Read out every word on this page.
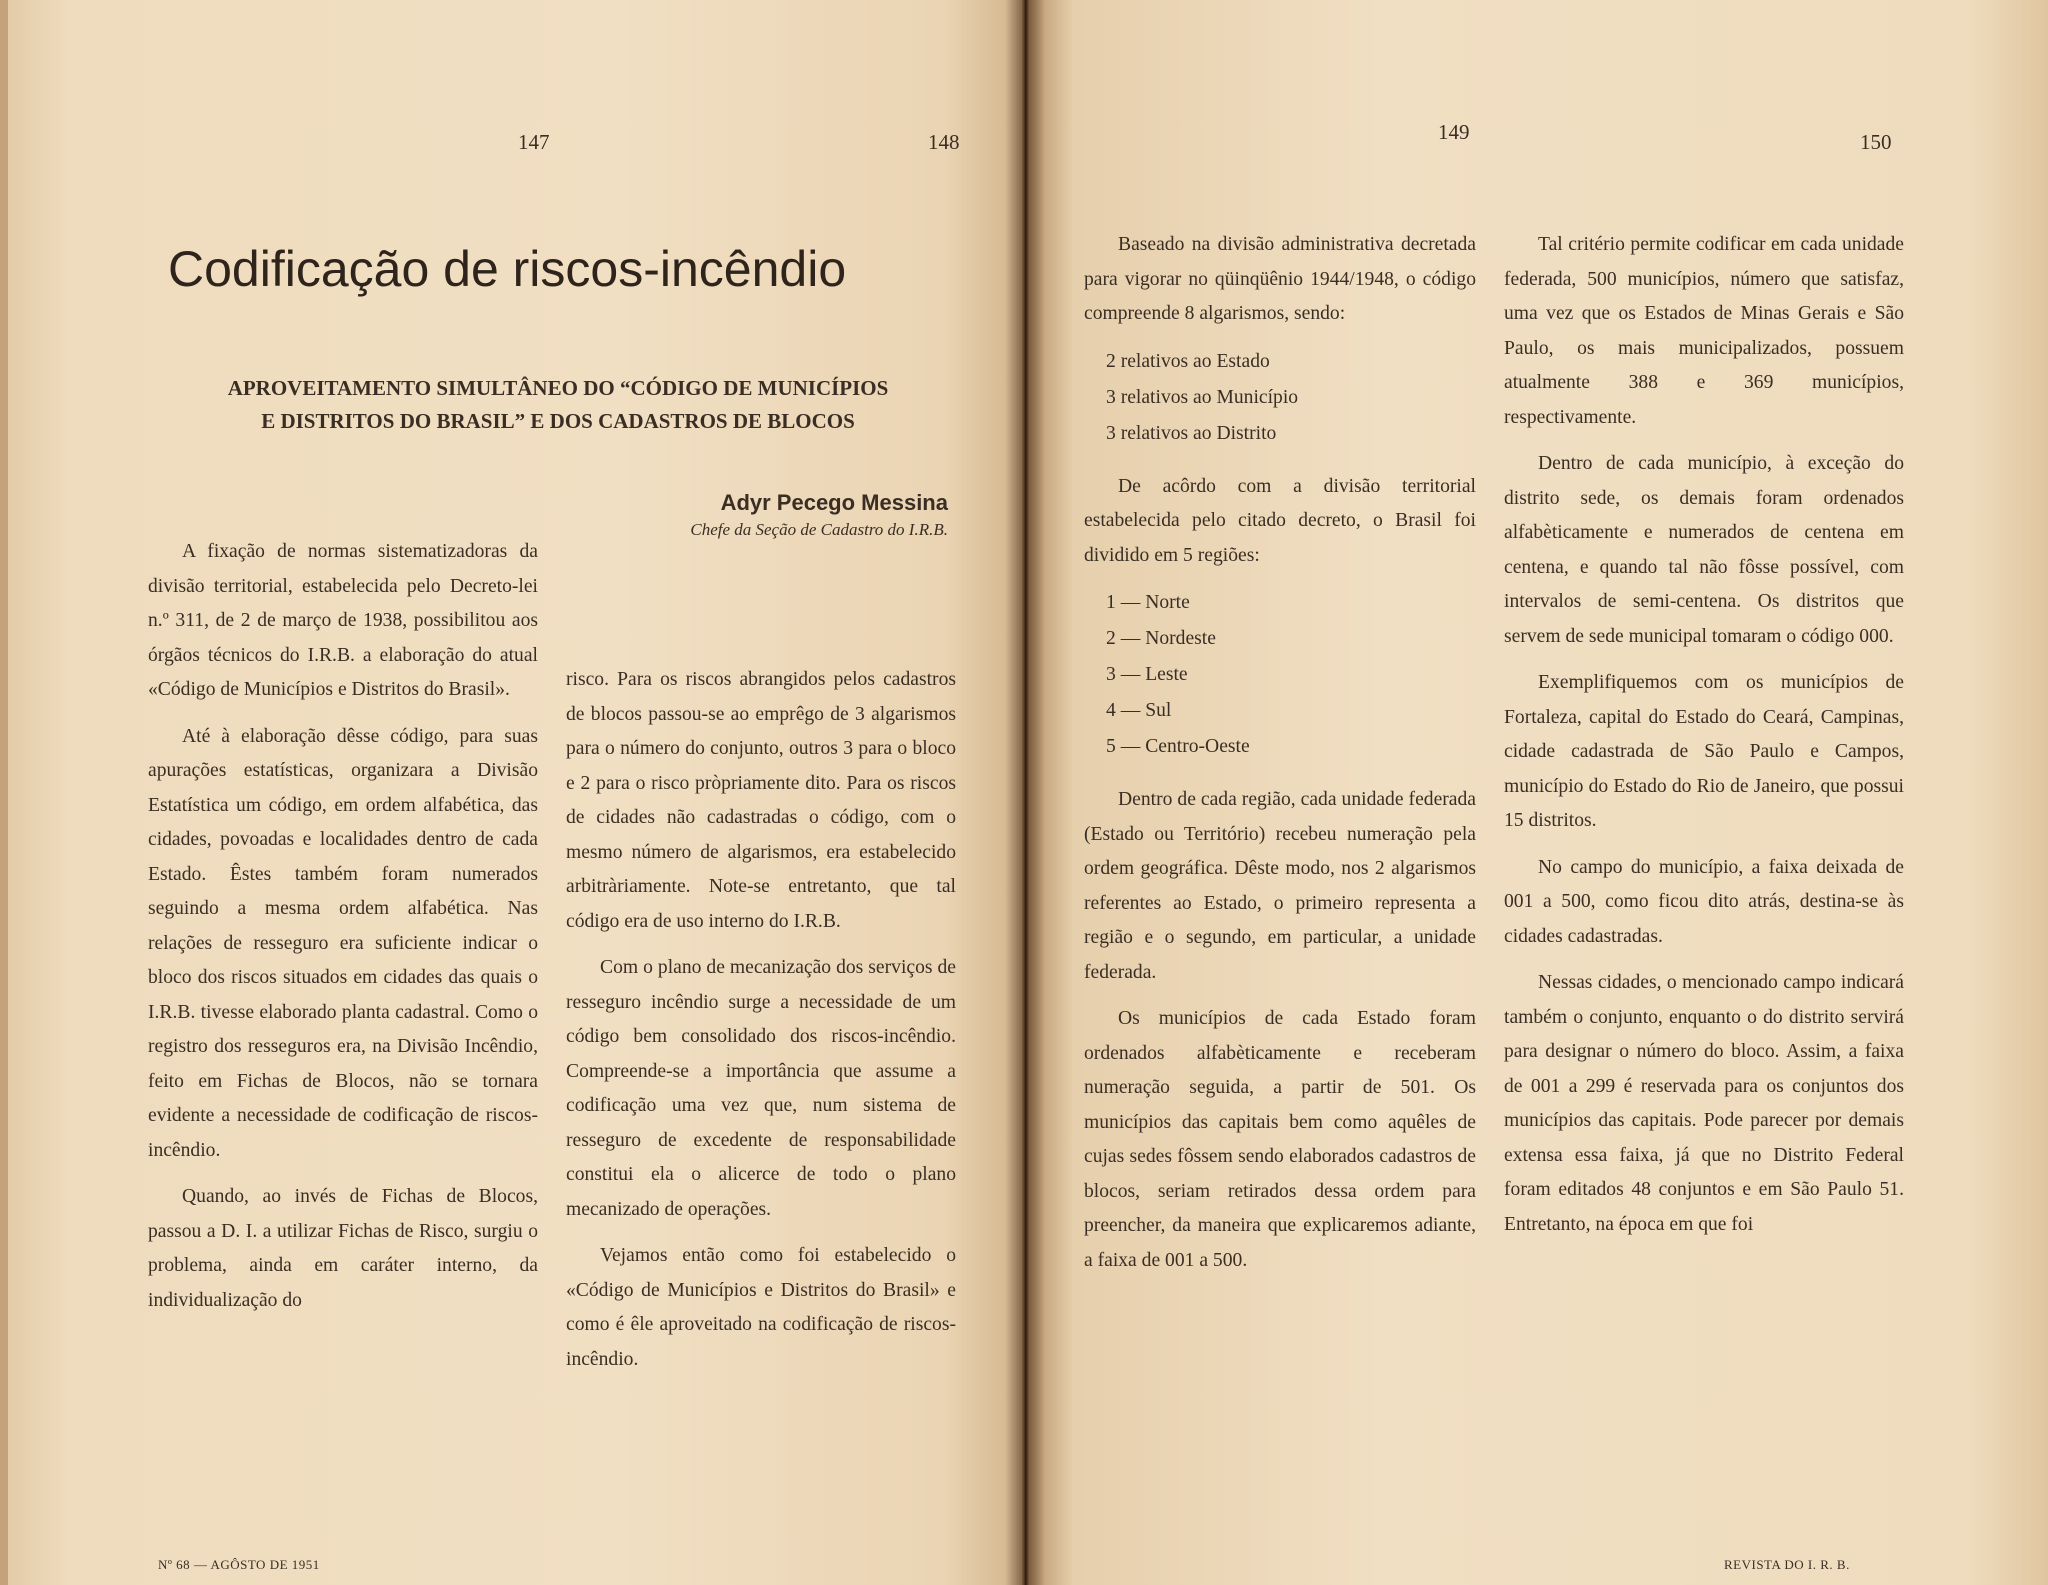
147	148
Codificação de riscos-incêndio
APROVEITAMENTO SIMULTÂNEO DO “CÓDIGO DE MUNICÍPIOS
E DISTRITOS DO BRASIL” E DOS CADASTROS DE BLOCOS
Adyr Pecego Messina
Chefe da Seção de Cadastro do I.R.B.

A fixação de normas sistematizadoras da divisão territorial, estabelecida pelo Decreto-lei n.º 311, de 2 de março de 1938, possibilitou aos órgãos técnicos do I.R.B. a elaboração do atual «Código de Municípios e Distritos do Brasil».

Até à elaboração dêsse código, para suas apurações estatísticas, organizara a Divisão Estatística um código, em ordem alfabética, das cidades, povoadas e localidades dentro de cada Estado. Êstes também foram numerados seguindo a mesma ordem alfabética. Nas relações de resseguro era suficiente indicar o bloco dos riscos situados em cidades das quais o I.R.B. tivesse elaborado planta cadastral. Como o registro dos resseguros era, na Divisão Incêndio, feito em Fichas de Blocos, não se tornara evidente a necessidade de codificação de riscos-incêndio.

Quando, ao invés de Fichas de Blocos, passou a D. I. a utilizar Fichas de Risco, surgiu o problema, ainda em caráter interno, da individualização do

risco. Para os riscos abrangidos pelos cadastros de blocos passou-se ao emprêgo de 3 algarismos para o número do conjunto, outros 3 para o bloco e 2 para o risco pròpriamente dito. Para os riscos de cidades não cadastradas o código, com o mesmo número de algarismos, era estabelecido arbitràriamente. Note-se entretanto, que tal código era de uso interno do I.R.B.

Com o plano de mecanização dos serviços de resseguro incêndio surge a necessidade de um código bem consolidado dos riscos-incêndio. Compreende-se a importância que assume a codificação uma vez que, num sistema de resseguro de excedente de responsabilidade constitui ela o alicerce de todo o plano mecanizado de operações.

Vejamos então como foi estabelecido o «Código de Municípios e Distritos do Brasil» e como é êle aproveitado na codificação de riscos-incêndio.

Nº 68 — AGÔSTO DE 1951
149	150

Baseado na divisão administrativa decretada para vigorar no qüinqüênio 1944/1948, o código compreende 8 algarismos, sendo:

2 relativos ao Estado
3 relativos ao Município
3 relativos ao Distrito

De acôrdo com a divisão territorial estabelecida pelo citado decreto, o Brasil foi dividido em 5 regiões:

1 — Norte
2 — Nordeste
3 — Leste
4 — Sul
5 — Centro-Oeste

Dentro de cada região, cada unidade federada (Estado ou Território) recebeu numeração pela ordem geográfica. Dêste modo, nos 2 algarismos referentes ao Estado, o primeiro representa a região e o segundo, em particular, a unidade federada.

Os municípios de cada Estado foram ordenados alfabèticamente e receberam numeração seguida, a partir de 501. Os municípios das capitais bem como aquêles de cujas sedes fôssem sendo elaborados cadastros de blocos, seriam retirados dessa ordem para preencher, da maneira que explicaremos adiante, a faixa de 001 a 500.

Tal critério permite codificar em cada unidade federada, 500 municípios, número que satisfaz, uma vez que os Estados de Minas Gerais e São Paulo, os mais municipalizados, possuem atualmente 388 e 369 municípios, respectivamente.

Dentro de cada município, à exceção do distrito sede, os demais foram ordenados alfabèticamente e numerados de centena em centena, e quando tal não fôsse possível, com intervalos de semi-centena. Os distritos que servem de sede municipal tomaram o código 000.

Exemplifiquemos com os municípios de Fortaleza, capital do Estado do Ceará, Campinas, cidade cadastrada de São Paulo e Campos, município do Estado do Rio de Janeiro, que possui 15 distritos.

No campo do município, a faixa deixada de 001 a 500, como ficou dito atrás, destina-se às cidades cadastradas.

Nessas cidades, o mencionado campo indicará também o conjunto, enquanto o do distrito servirá para designar o número do bloco. Assim, a faixa de 001 a 299 é reservada para os conjuntos dos municípios das capitais. Pode parecer por demais extensa essa faixa, já que no Distrito Federal foram editados 48 conjuntos e em São Paulo 51. Entretanto, na época em que foi

REVISTA DO I. R. B.
